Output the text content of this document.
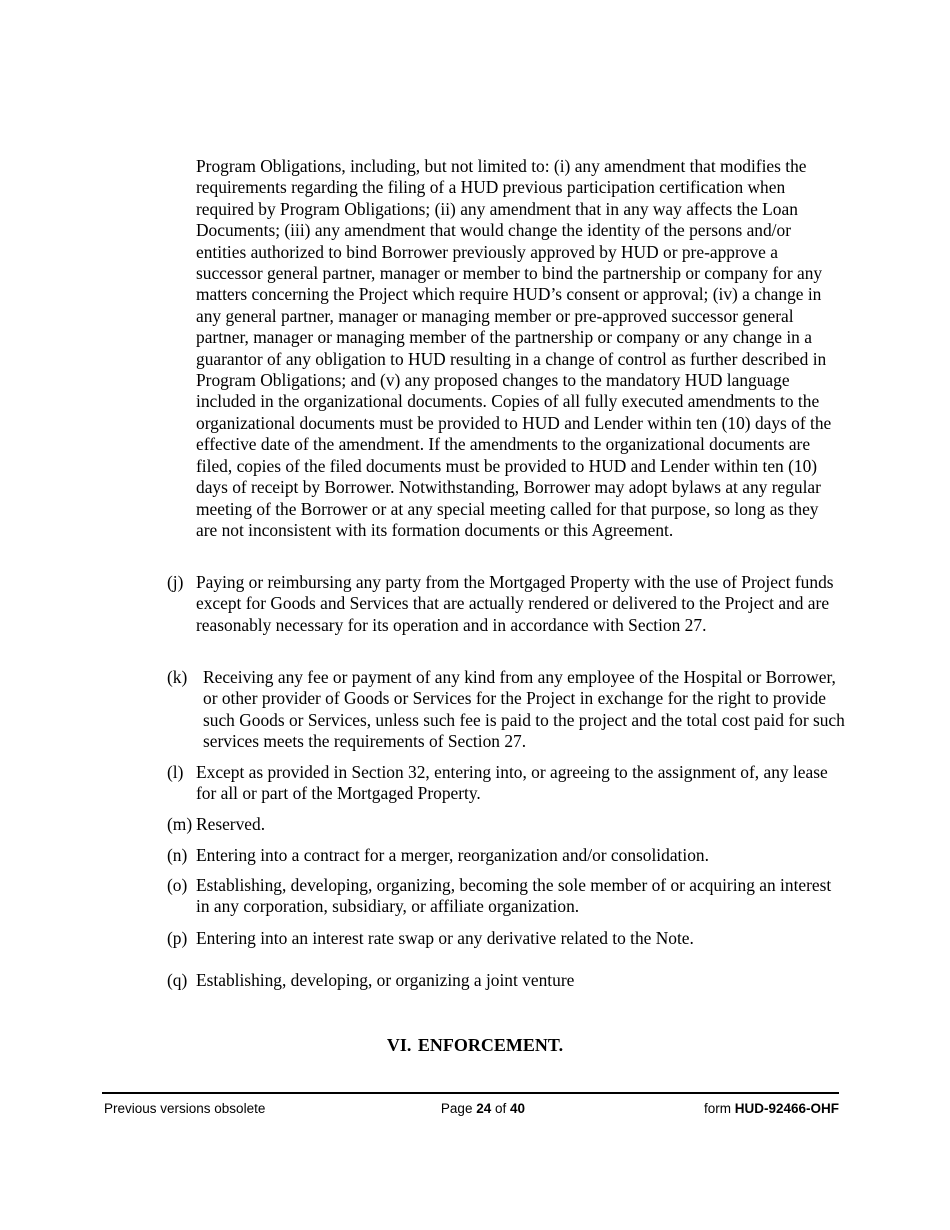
Program Obligations, including, but not limited to: (i) any amendment that modifies the requirements regarding the filing of a HUD previous participation certification when required by Program Obligations; (ii) any amendment that in any way affects the Loan Documents; (iii) any amendment that would change the identity of the persons and/or entities authorized to bind Borrower previously approved by HUD or pre-approve a successor general partner, manager or member to bind the partnership or company for any matters concerning the Project which require HUD’s consent or approval; (iv) a change in any general partner, manager or managing member or pre-approved successor general partner, manager or managing member of the partnership or company or any change in a guarantor of any obligation to HUD resulting in a change of control as further described in Program Obligations; and (v) any proposed changes to the mandatory HUD language included in the organizational documents. Copies of all fully executed amendments to the organizational documents must be provided to HUD and Lender within ten (10) days of the effective date of the amendment. If the amendments to the organizational documents are filed, copies of the filed documents must be provided to HUD and Lender within ten (10) days of receipt by Borrower. Notwithstanding, Borrower may adopt bylaws at any regular meeting of the Borrower or at any special meeting called for that purpose, so long as they are not inconsistent with its formation documents or this Agreement.

(j) Paying or reimbursing any party from the Mortgaged Property with the use of Project funds except for Goods and Services that are actually rendered or delivered to the Project and are reasonably necessary for its operation and in accordance with Section 27.
(k) Receiving any fee or payment of any kind from any employee of the Hospital or Borrower, or other provider of Goods or Services for the Project in exchange for the right to provide such Goods or Services, unless such fee is paid to the project and the total cost paid for such services meets the requirements of Section 27.
(l) Except as provided in Section 32, entering into, or agreeing to the assignment of, any lease for all or part of the Mortgaged Property.
(m) Reserved.
(n) Entering into a contract for a merger, reorganization and/or consolidation.
(o) Establishing, developing, organizing, becoming the sole member of or acquiring an interest in any corporation, subsidiary, or affiliate organization.
(p) Entering into an interest rate swap or any derivative related to the Note.
(q) Establishing, developing, or organizing a joint venture
VI. ENFORCEMENT.
Previous versions obsolete	Page 24 of 40	form HUD-92466-OHF
